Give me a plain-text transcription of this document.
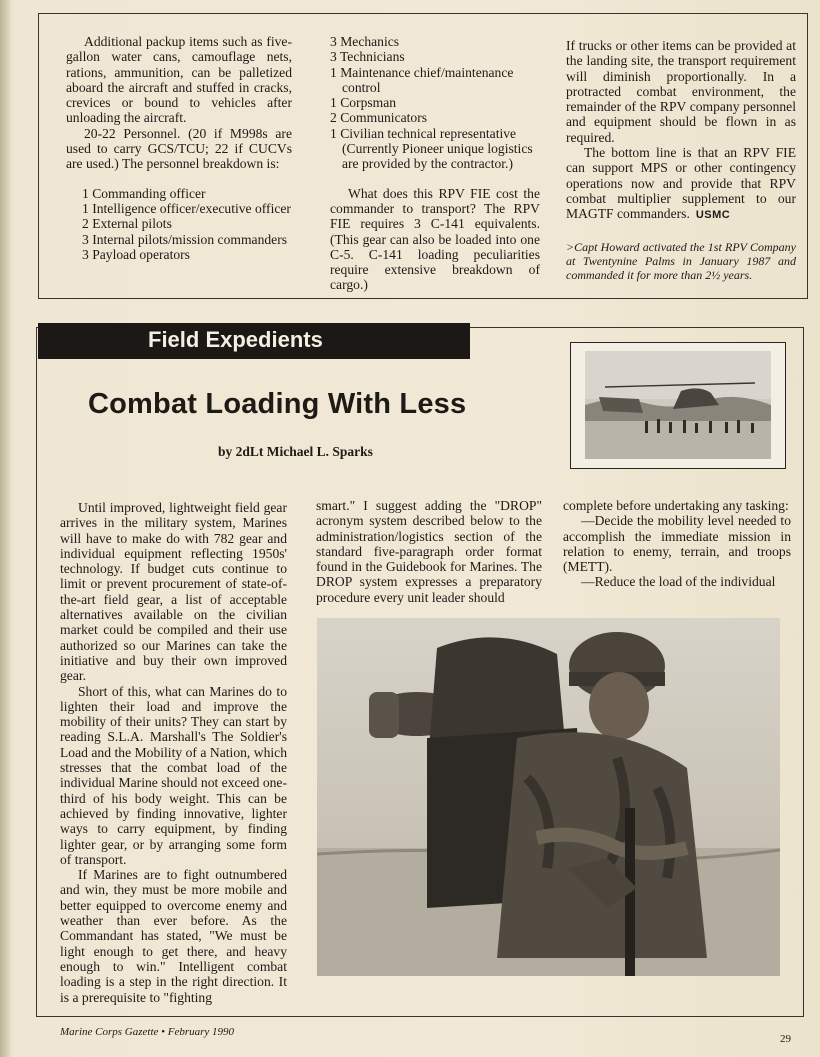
Additional packup items such as five-gallon water cans, camouflage nets, rations, ammunition, can be palletized aboard the aircraft and stuffed in cracks, crevices or bound to vehicles after unloading the aircraft.

20-22 Personnel. (20 if M998s are used to carry GCS/TCU; 22 if CUCVs are used.) The personnel breakdown is:

1 Commanding officer
1 Intelligence officer/executive officer
2 External pilots
3 Internal pilots/mission commanders
3 Payload operators
3 Mechanics
3 Technicians
1 Maintenance chief/maintenance control
1 Corpsman
2 Communicators
1 Civilian technical representative (Currently Pioneer unique logistics are provided by the contractor.)

What does this RPV FIE cost the commander to transport? The RPV FIE requires 3 C-141 equivalents. (This gear can also be loaded into one C-5. C-141 loading peculiarities require extensive breakdown of cargo.)

If trucks or other items can be provided at the landing site, the transport requirement will diminish proportionally. In a protracted combat environment, the remainder of the RPV company personnel and equipment should be flown in as required.

The bottom line is that an RPV FIE can support MPS or other contingency operations now and provide that RPV combat multiplier supplement to our MAGTF commanders. USMC

>Capt Howard activated the 1st RPV Company at Twentynine Palms in January 1987 and commanded it for more than 2½ years.

Field Expedients
Combat Loading With Less
by 2dLt Michael L. Sparks

Until improved, lightweight field gear arrives in the military system, Marines will have to make do with 782 gear and individual equipment reflecting 1950s' technology. If budget cuts continue to limit or prevent procurement of state-of-the-art field gear, a list of acceptable alternatives available on the civilian market could be compiled and their use authorized so our Marines can take the initiative and buy their own improved gear.

Short of this, what can Marines do to lighten their load and improve the mobility of their units? They can start by reading S.L.A. Marshall's The Soldier's Load and the Mobility of a Nation, which stresses that the combat load of the individual Marine should not exceed one-third of his body weight. This can be achieved by finding innovative, lighter ways to carry equipment, by finding lighter gear, or by arranging some form of transport.

If Marines are to fight outnumbered and win, they must be more mobile and better equipped to overcome enemy and weather than ever before. As the Commandant has stated, "We must be light enough to get there, and heavy enough to win." Intelligent combat loading is a step in the right direction. It is a prerequisite to "fighting

smart." I suggest adding the "DROP" acronym system described below to the administration/logistics section of the standard five-paragraph order format found in the Guidebook for Marines. The DROP system expresses a preparatory procedure every unit leader should

complete before undertaking any tasking:

—Decide the mobility level needed to accomplish the immediate mission in relation to enemy, terrain, and troops (METT).

—Reduce the load of the individual

Marine Corps Gazette • February 1990
29
